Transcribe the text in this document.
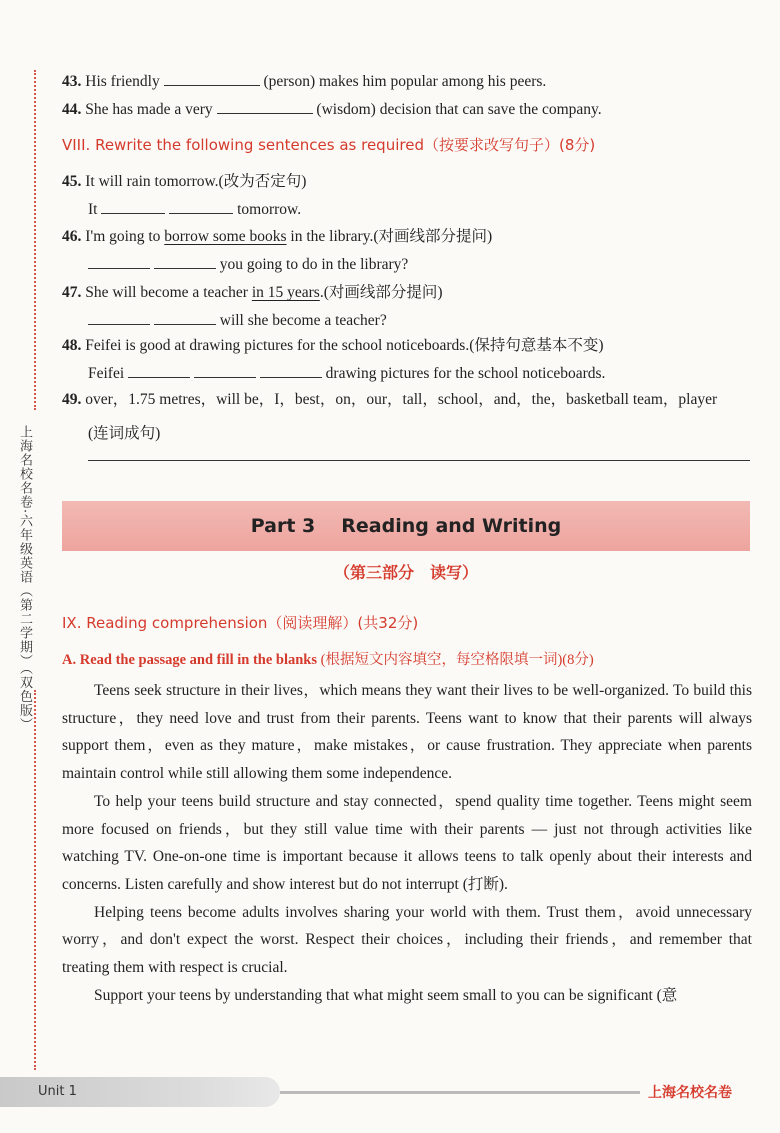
上海名校名卷·六年级英语（第二学期）（双色版）
43. His friendly	(person) makes him popular among his peers.
44. She has made a very	(wisdom) decision that can save the company.
VIII. Rewrite the following sentences as required（按要求改写句子）(8分)
45. It will rain tomorrow.(改为否定句)
It	tomorrow.
46. I'm going to borrow some books in the library.(对画线部分提问)
you going to do in the library?
47. She will become a teacher in 15 years.(对画线部分提问)
will she become a teacher?
48. Feifei is good at drawing pictures for the school noticeboards.(保持句意基本不变)
Feifei	drawing pictures for the school noticeboards.
49. over，1.75 metres，will be，I，best，on，our，tall，school，and，the，basketball team，player
(连词成句)
Part 3 Reading and Writing
（第三部分　读写）
IX. Reading comprehension（阅读理解）(共32分)
A. Read the passage and fill in the blanks (根据短文内容填空，每空格限填一词)(8分)

Teens seek structure in their lives，which means they want their lives to be well-organized. To build this structure，they need love and trust from their parents. Teens want to know that their parents will always support them，even as they mature，make mistakes，or cause frustration. They appreciate when parents maintain control while still allowing them some independence.

To help your teens build structure and stay connected，spend quality time together. Teens might seem more focused on friends，but they still value time with their parents — just not through activities like watching TV. One-on-one time is important because it allows teens to talk openly about their interests and concerns. Listen carefully and show interest but do not interrupt (打断).

Helping teens become adults involves sharing your world with them. Trust them，avoid unnecessary worry，and don't expect the worst. Respect their choices，including their friends，and remember that treating them with respect is crucial.

Support your teens by understanding that what might seem small to you can be significant (意

Unit 1	上海名校名卷
